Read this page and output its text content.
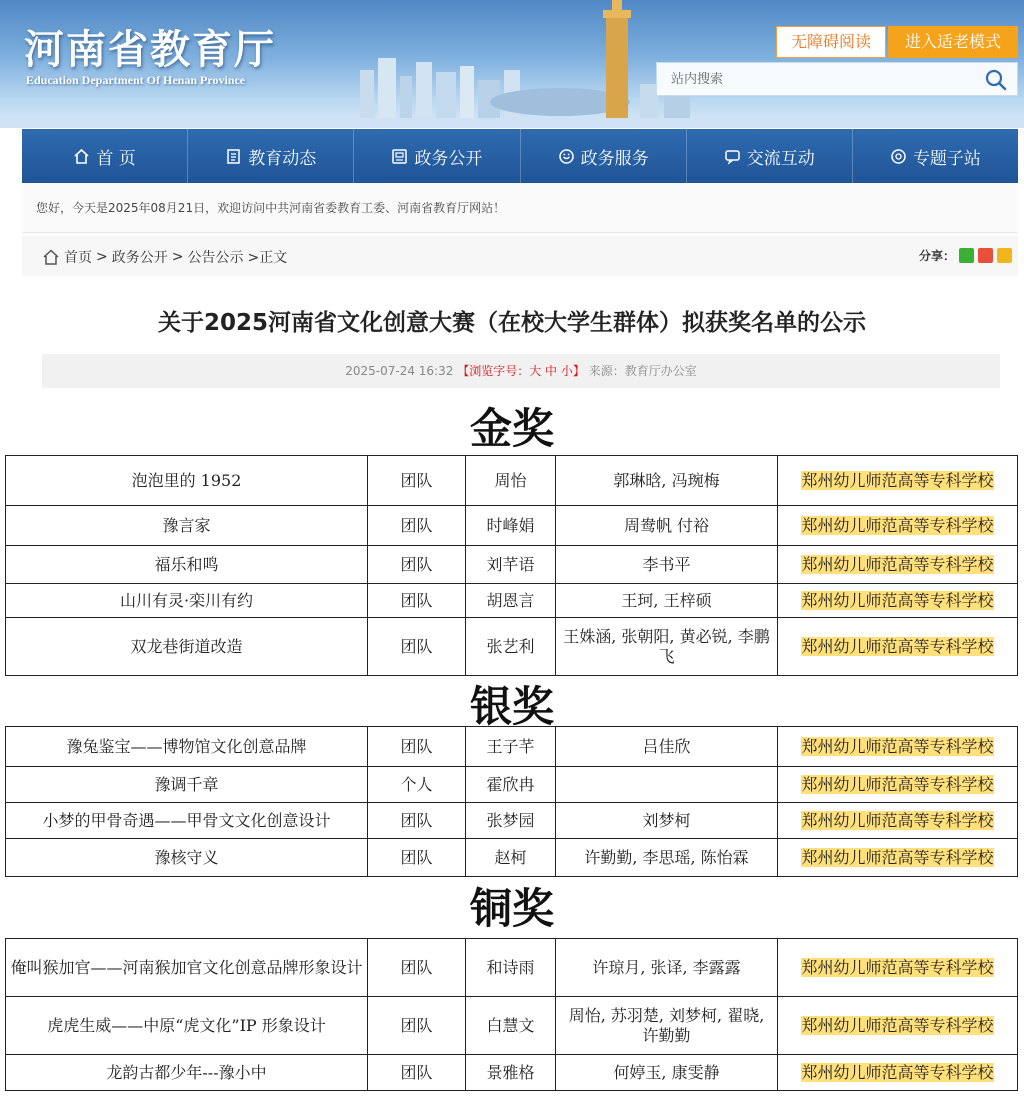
河南省教育厅
Education Department Of Henan Province
无障碍阅读	进入适老模式
站内搜索
首 页	教育动态	政务公开	政务服务	交流互动	专题子站
您好，今天是2025年08月21日，欢迎访问中共河南省委教育工委、河南省教育厅网站！
首页 > 政务公开 > 公告公示 >正文	分享：
关于2025河南省文化创意大赛（在校大学生群体）拟获奖名单的公示
2025-07-24 16:32 【浏览字号：大 中 小】 来源：教育厅办公室
金奖
泡泡里的 1952	团队	周怡	郭琳晗, 冯琬梅	郑州幼儿师范高等专科学校
豫言家	团队	时峰娟	周鸯帆 付裕	郑州幼儿师范高等专科学校
福乐和鸣	团队	刘芊语	李书平	郑州幼儿师范高等专科学校
山川有灵·栾川有约	团队	胡恩言	王珂, 王梓硕	郑州幼儿师范高等专科学校
双龙巷街道改造	团队	张艺利	王姝涵, 张朝阳, 黄必锐, 李鹏飞	郑州幼儿师范高等专科学校
银奖
豫兔鉴宝——博物馆文化创意品牌	团队	王子芊	吕佳欣	郑州幼儿师范高等专科学校
豫调千章	个人	霍欣冉		郑州幼儿师范高等专科学校
小梦的甲骨奇遇——甲骨文文化创意设计	团队	张梦园	刘梦柯	郑州幼儿师范高等专科学校
豫核守义	团队	赵柯	许勤勤, 李思瑶, 陈怡霖	郑州幼儿师范高等专科学校
铜奖
俺叫猴加官——河南猴加官文化创意品牌形象设计	团队	和诗雨	许琼月, 张译, 李露露	郑州幼儿师范高等专科学校
虎虎生威——中原“虎文化”IP 形象设计	团队	白慧文	周怡, 苏羽楚, 刘梦柯, 翟晓, 许勤勤	郑州幼儿师范高等专科学校
龙韵古都少年---豫小中	团队	景雅格	何婷玉, 康雯静	郑州幼儿师范高等专科学校
